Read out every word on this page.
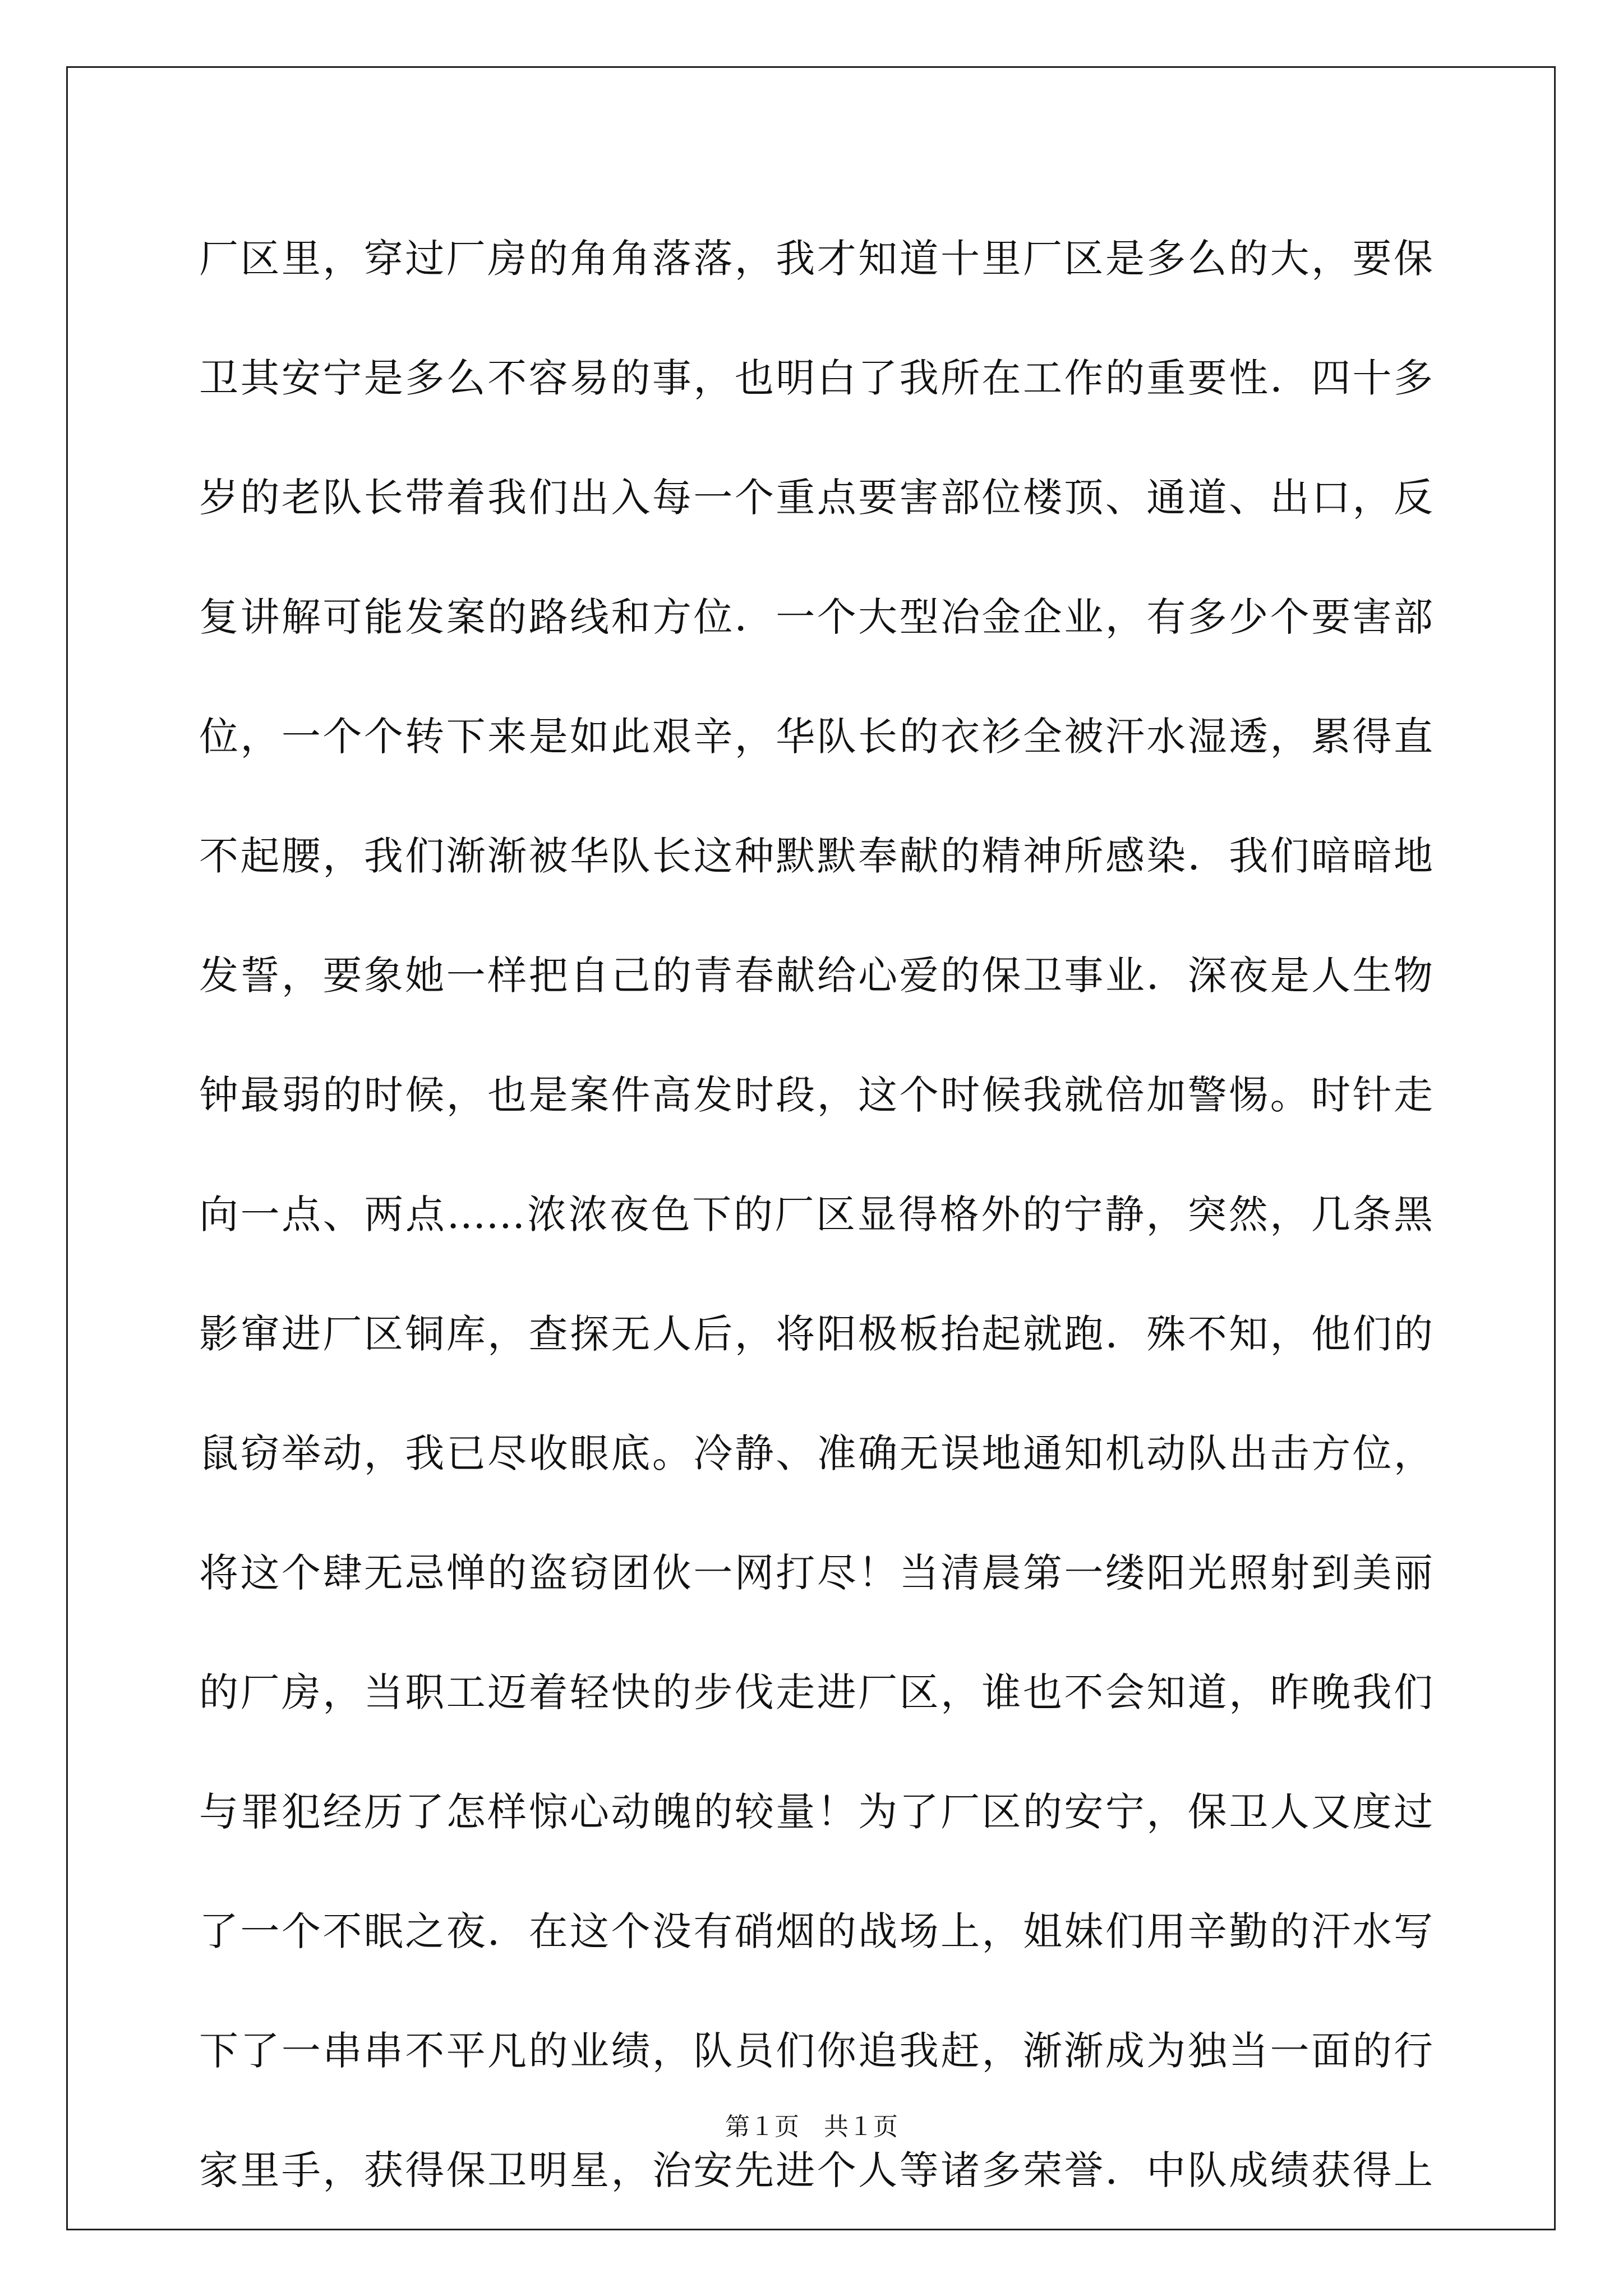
厂区里，穿过厂房的角角落落，我才知道十里厂区是多么的大，要保
卫其安宁是多么不容易的事，也明白了我所在工作的重要性．四十多
岁的老队长带着我们出入每一个重点要害部位楼顶、通道、出口，反
复讲解可能发案的路线和方位．一个大型冶金企业，有多少个要害部
位，一个个转下来是如此艰辛，华队长的衣衫全被汗水湿透，累得直
不起腰，我们渐渐被华队长这种默默奉献的精神所感染．我们暗暗地
发誓，要象她一样把自己的青春献给心爱的保卫事业．深夜是人生物
钟最弱的时候，也是案件高发时段，这个时候我就倍加警惕。时针走
向一点、两点……浓浓夜色下的厂区显得格外的宁静，突然，几条黑
影窜进厂区铜库，查探无人后，将阳极板抬起就跑．殊不知，他们的
鼠窃举动，我已尽收眼底。冷静、准确无误地通知机动队出击方位，
将这个肆无忌惮的盗窃团伙一网打尽！当清晨第一缕阳光照射到美丽
的厂房，当职工迈着轻快的步伐走进厂区，谁也不会知道，昨晚我们
与罪犯经历了怎样惊心动魄的较量！为了厂区的安宁，保卫人又度过
了一个不眠之夜．在这个没有硝烟的战场上，姐妹们用辛勤的汗水写
下了一串串不平凡的业绩，队员们你追我赶，渐渐成为独当一面的行
家里手，获得保卫明星，治安先进个人等诸多荣誉．中队成绩获得上
第１页　共１页
